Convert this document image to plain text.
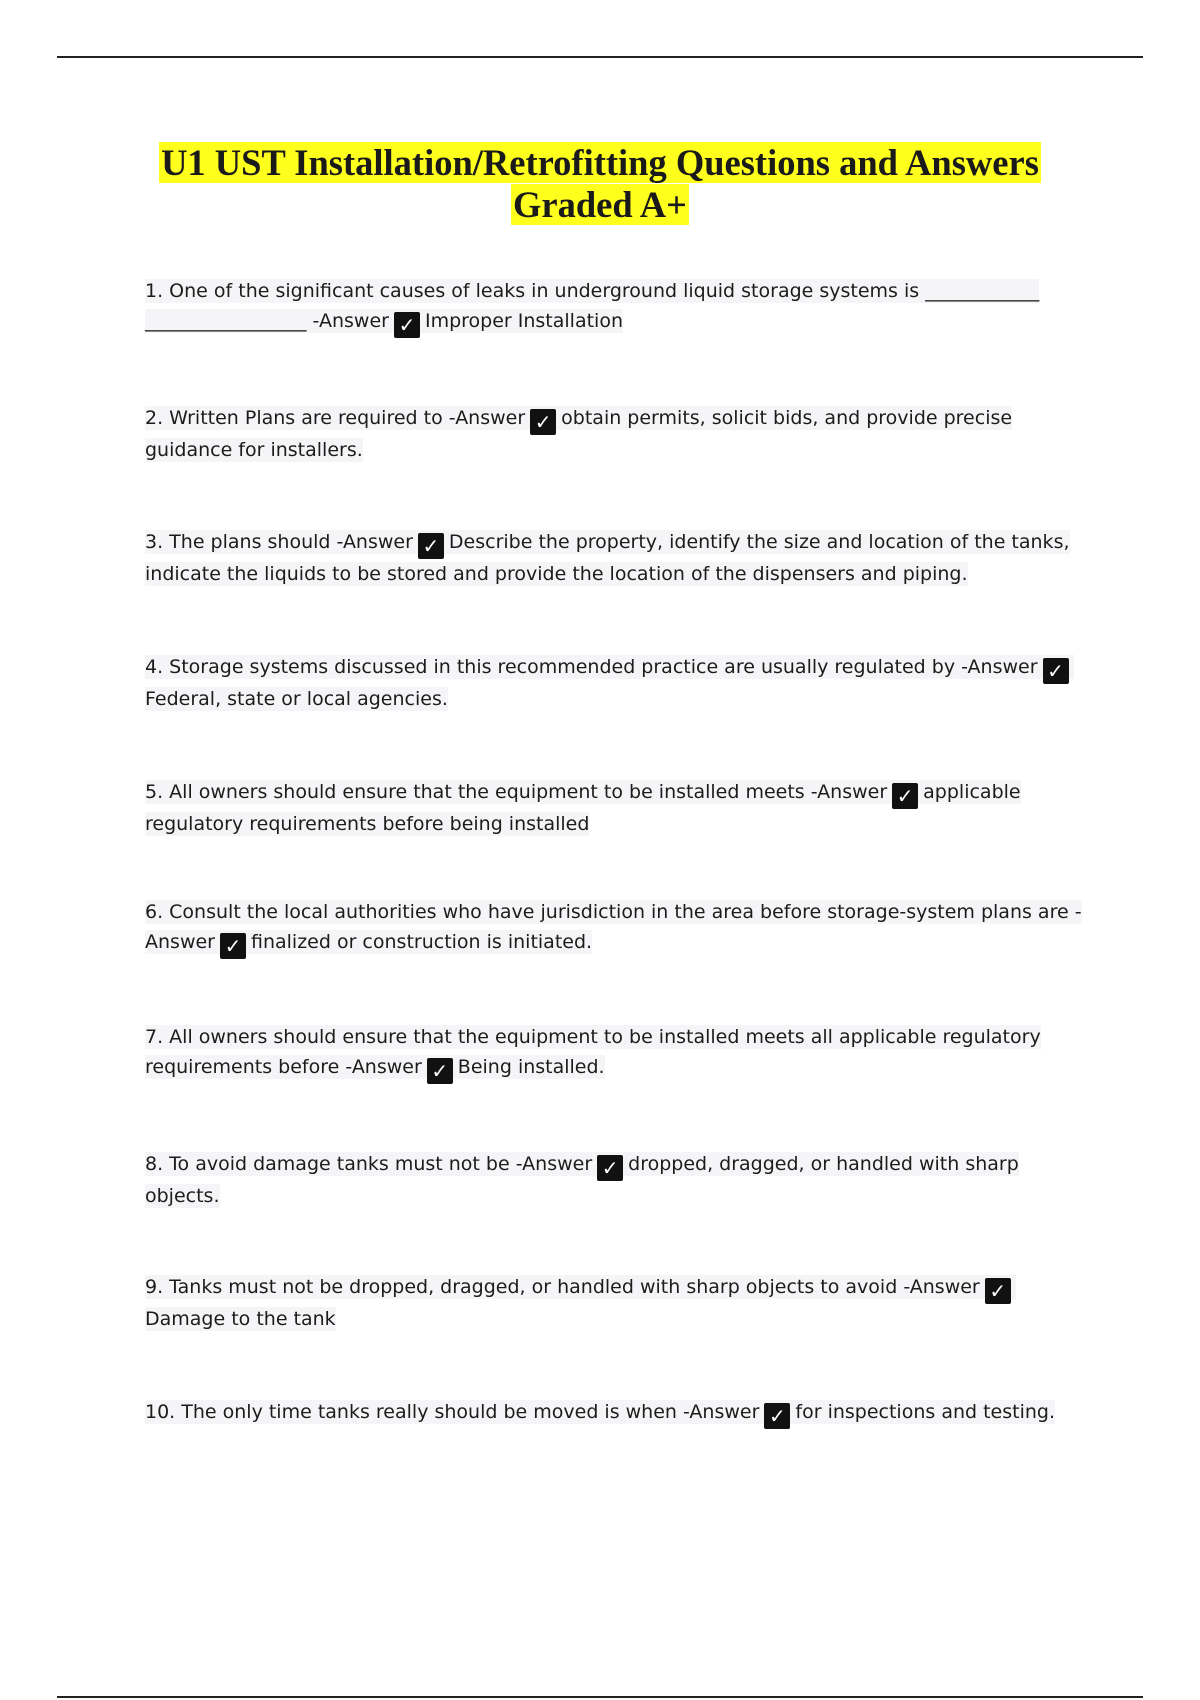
U1 UST Installation/Retrofitting Questions and Answers
Graded A+
1. One of the significant causes of leaks in underground liquid storage systems is ____________ _________________ -Answer ✓ Improper Installation
2. Written Plans are required to -Answer ✓ obtain permits, solicit bids, and provide precise guidance for installers.
3. The plans should -Answer ✓ Describe the property, identify the size and location of the tanks, indicate the liquids to be stored and provide the location of the dispensers and piping.
4. Storage systems discussed in this recommended practice are usually regulated by -Answer ✓Federal, state or local agencies.
5. All owners should ensure that the equipment to be installed meets -Answer ✓ applicable regulatory requirements before being installed
6. Consult the local authorities who have jurisdiction in the area before storage-system plans are -Answer ✓ finalized or construction is initiated.
7. All owners should ensure that the equipment to be installed meets all applicable regulatory requirements before -Answer ✓ Being installed.
8. To avoid damage tanks must not be -Answer ✓ dropped, dragged, or handled with sharp objects.
9. Tanks must not be dropped, dragged, or handled with sharp objects to avoid -Answer ✓Damage to the tank
10. The only time tanks really should be moved is when -Answer ✓ for inspections and testing.
